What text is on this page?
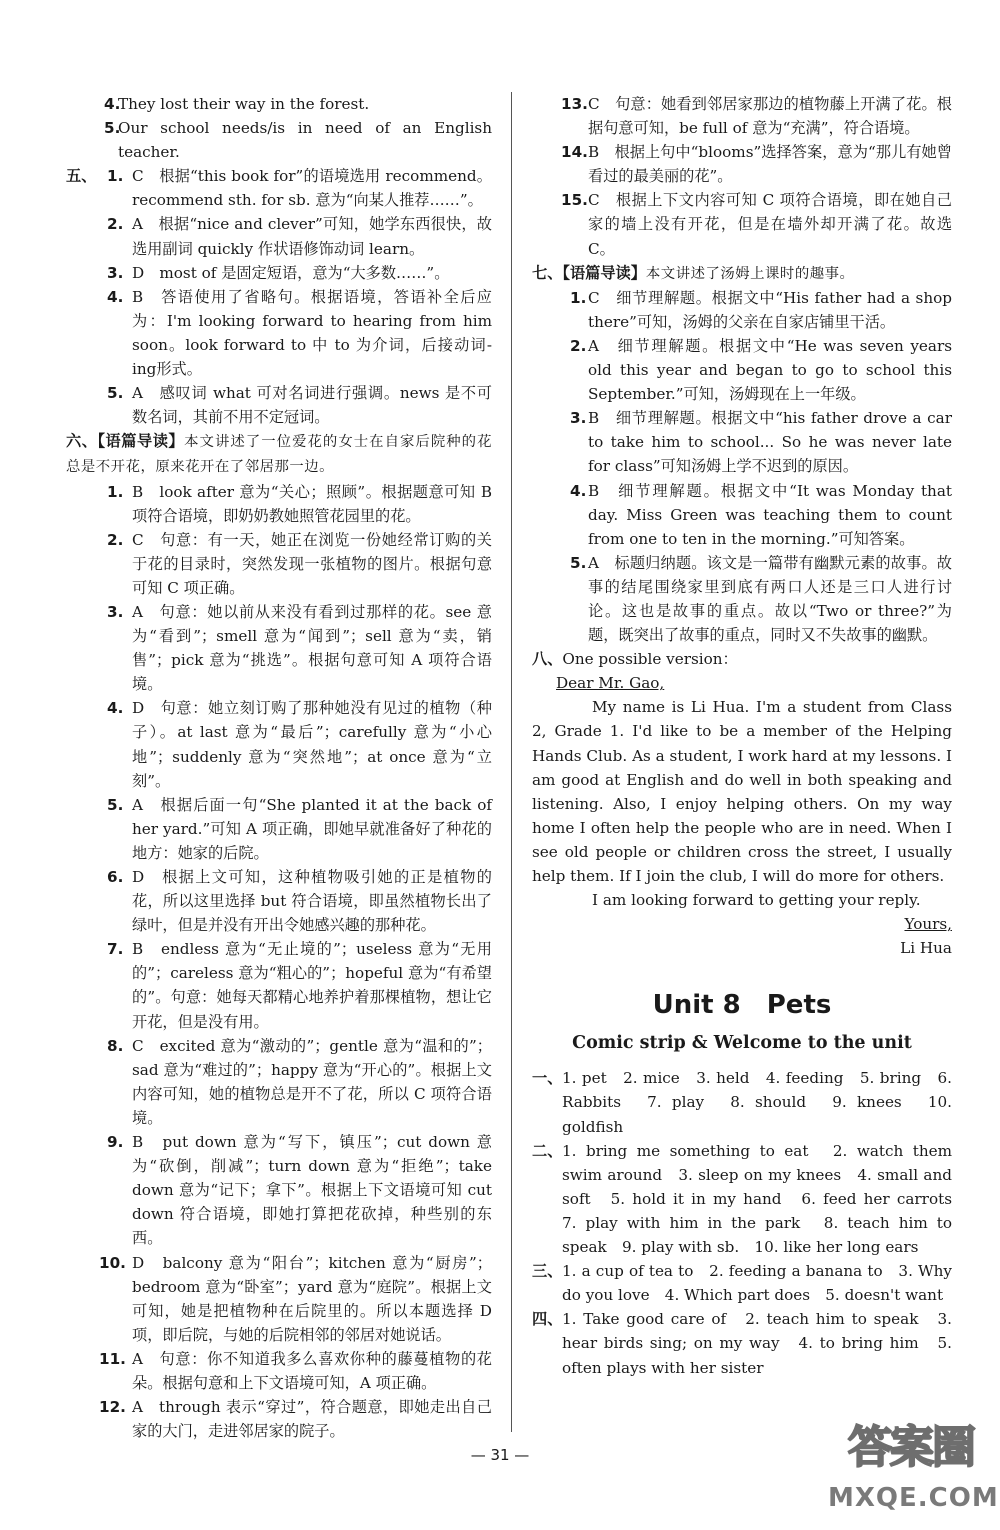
4.
They lost their way in the forest.
5.
Our school needs/is in need of an English teacher.
五、 1. C　根据“this book for”的语境选用 recommend。recommend sth. for sb. 意为“向某人推荐……”。
2. A　根据“nice and clever”可知，她学东西很快，故选用副词 quickly 作状语修饰动词 learn。
3. D　most of 是固定短语，意为“大多数……”。
4. B　答语使用了省略句。根据语境，答语补全后应为：I'm looking forward to hearing from him soon。look forward to 中 to 为介词，后接动词-ing形式。
5. A　感叹词 what 可对名词进行强调。news 是不可数名词，其前不用不定冠词。

六、【语篇导读】本文讲述了一位爱花的女士在自家后院种的花总是不开花，原来花开在了邻居那一边。

1. B　look after 意为“关心；照顾”。根据题意可知 B 项符合语境，即奶奶教她照管花园里的花。
2. C　句意：有一天，她正在浏览一份她经常订购的关于花的目录时，突然发现一张植物的图片。根据句意可知 C 项正确。
3. A　句意：她以前从来没有看到过那样的花。see 意为“看到”；smell 意为“闻到”；sell 意为“卖，销售”；pick 意为“挑选”。根据句意可知 A 项符合语境。
4. D　句意：她立刻订购了那种她没有见过的植物（种子）。at last 意为“最后”；carefully 意为“小心地”；suddenly 意为“突然地”；at once 意为“立刻”。
5. A　根据后面一句“She planted it at the back of her yard.”可知 A 项正确，即她早就准备好了种花的地方：她家的后院。
6. D　根据上文可知，这种植物吸引她的正是植物的花，所以这里选择 but 符合语境，即虽然植物长出了绿叶，但是并没有开出令她感兴趣的那种花。
7. B　endless 意为“无止境的”；useless 意为“无用的”；careless 意为“粗心的”；hopeful 意为“有希望的”。句意：她每天都精心地养护着那棵植物，想让它开花，但是没有用。
8. C　excited 意为“激动的”；gentle 意为“温和的”；sad 意为“难过的”；happy 意为“开心的”。根据上文内容可知，她的植物总是开不了花，所以 C 项符合语境。
9. B　put down 意为“写下，镇压”；cut down 意为“砍倒，削减”；turn down 意为“拒绝”；take down 意为“记下；拿下”。根据上下文语境可知 cut down 符合语境，即她打算把花砍掉，种些别的东西。
10. D　balcony 意为“阳台”；kitchen 意为“厨房”；bedroom 意为“卧室”；yard 意为“庭院”。根据上文可知，她是把植物种在后院里的。所以本题选择 D 项，即后院，与她的后院相邻的邻居对她说话。
11. A　句意：你不知道我多么喜欢你种的藤蔓植物的花朵。根据句意和上下文语境可知，A 项正确。
12. A　through 表示“穿过”，符合题意，即她走出自己家的大门，走进邻居家的院子。
13. C　句意：她看到邻居家那边的植物藤上开满了花。根据句意可知，be full of 意为“充满”，符合语境。
14. B　根据上句中“blooms”选择答案，意为“那儿有她曾看过的最美丽的花”。
15. C　根据上下文内容可知 C 项符合语境，即在她自己家的墙上没有开花，但是在墙外却开满了花。故选 C。

七、【语篇导读】本文讲述了汤姆上课时的趣事。

1. C　细节理解题。根据文中“His father had a shop there”可知，汤姆的父亲在自家店铺里干活。
2. A　细节理解题。根据文中“He was seven years old this year and began to go to school this September.”可知，汤姆现在上一年级。
3. B　细节理解题。根据文中“his father drove a car to take him to school... So he was never late for class”可知汤姆上学不迟到的原因。
4. B　细节理解题。根据文中“It was Monday that day. Miss Green was teaching them to count from one to ten in the morning.”可知答案。
5. A　标题归纳题。该文是一篇带有幽默元素的故事。故事的结尾围绕家里到底有两口人还是三口人进行讨论。这也是故事的重点。故以“Two or three?”为题，既突出了故事的重点，同时又不失故事的幽默。

八、One possible version：

Dear Mr. Gao,

My name is Li Hua. I'm a student from Class 2, Grade 1. I'd like to be a member of the Helping Hands Club. As a student, I work hard at my lessons. I am good at English and do well in both speaking and listening. Also, I enjoy helping others. On my way home I often help the people who are in need. When I see old people or children cross the street, I usually help them. If I join the club, I will do more for others.

I am looking forward to getting your reply.

Yours,

Li Hua

Unit 8 Pets
Comic strip & Welcome to the unit
一、 1. pet　2. mice　3. held　4. feeding　5. bring　6. Rabbits　7. play　8. should　9. knees　10. goldfish
二、 1. bring me something to eat　2. watch them swim around　3. sleep on my knees　4. small and soft　5. hold it in my hand　6. feed her carrots　7. play with him in the park　8. teach him to speak　9. play with sb.　10. like her long ears
三、 1. a cup of tea to　2. feeding a banana to　3. Why do you love　4. Which part does　5. doesn't want
四、 1. Take good care of　2. teach him to speak　3. hear birds sing; on my way　4. to bring him　5. often plays with her sister
— 31 —	答案圈
MXQE.COM
